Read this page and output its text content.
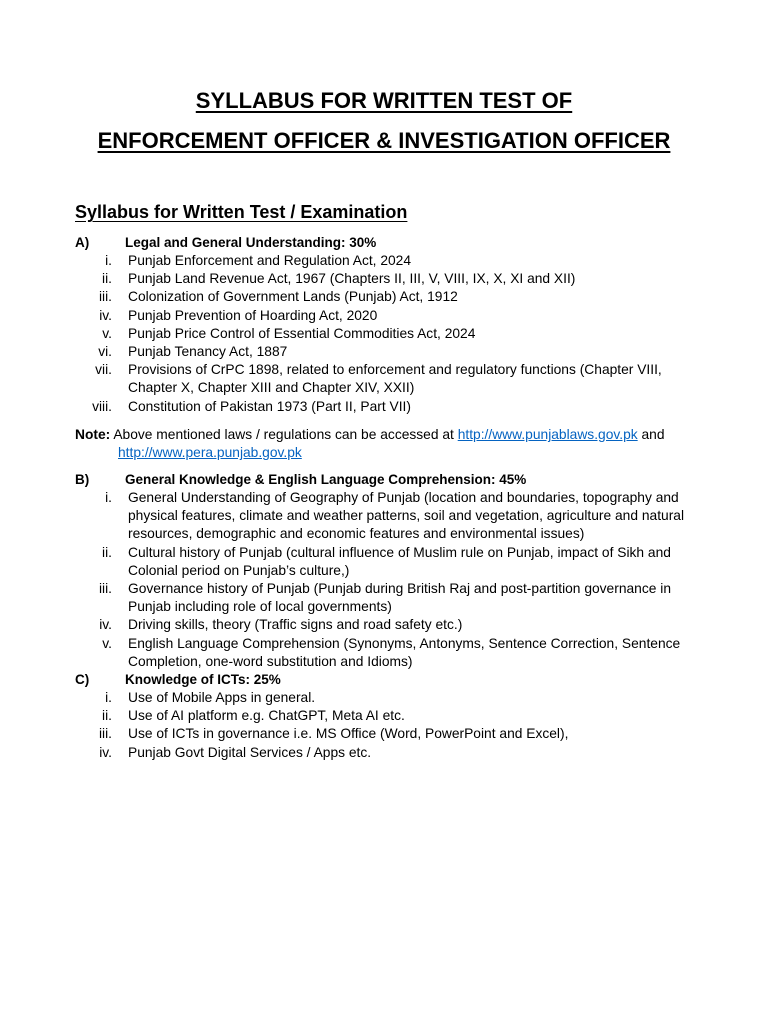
SYLLABUS FOR WRITTEN TEST OF
ENFORCEMENT OFFICER & INVESTIGATION OFFICER
Syllabus for Written Test / Examination
A)	Legal and General Understanding: 30%
i. Punjab Enforcement and Regulation Act, 2024
ii. Punjab Land Revenue Act, 1967 (Chapters II, III, V, VIII, IX, X, XI and XII)
iii. Colonization of Government Lands (Punjab) Act, 1912
iv. Punjab Prevention of Hoarding Act, 2020
v. Punjab Price Control of Essential Commodities Act, 2024
vi. Punjab Tenancy Act, 1887
vii. Provisions of CrPC 1898, related to enforcement and regulatory functions (Chapter VIII, Chapter X, Chapter XIII and Chapter XIV, XXII)
viii. Constitution of Pakistan 1973 (Part II, Part VII)
Note: Above mentioned laws / regulations can be accessed at http://www.punjablaws.gov.pk and
http://www.pera.punjab.gov.pk
B)	General Knowledge & English Language Comprehension: 45%
i. General Understanding of Geography of Punjab (location and boundaries, topography and physical features, climate and weather patterns, soil and vegetation, agriculture and natural resources, demographic and economic features and environmental issues)
ii. Cultural history of Punjab (cultural influence of Muslim rule on Punjab, impact of Sikh and Colonial period on Punjab’s culture,)
iii. Governance history of Punjab (Punjab during British Raj and post-partition governance in Punjab including role of local governments)
iv. Driving skills, theory (Traffic signs and road safety etc.)
v. English Language Comprehension (Synonyms, Antonyms, Sentence Correction, Sentence Completion, one-word substitution and Idioms)
C)	Knowledge of ICTs: 25%
i. Use of Mobile Apps in general.
ii. Use of AI platform e.g. ChatGPT, Meta AI etc.
iii. Use of ICTs in governance i.e. MS Office (Word, PowerPoint and Excel),
iv. Punjab Govt Digital Services / Apps etc.
